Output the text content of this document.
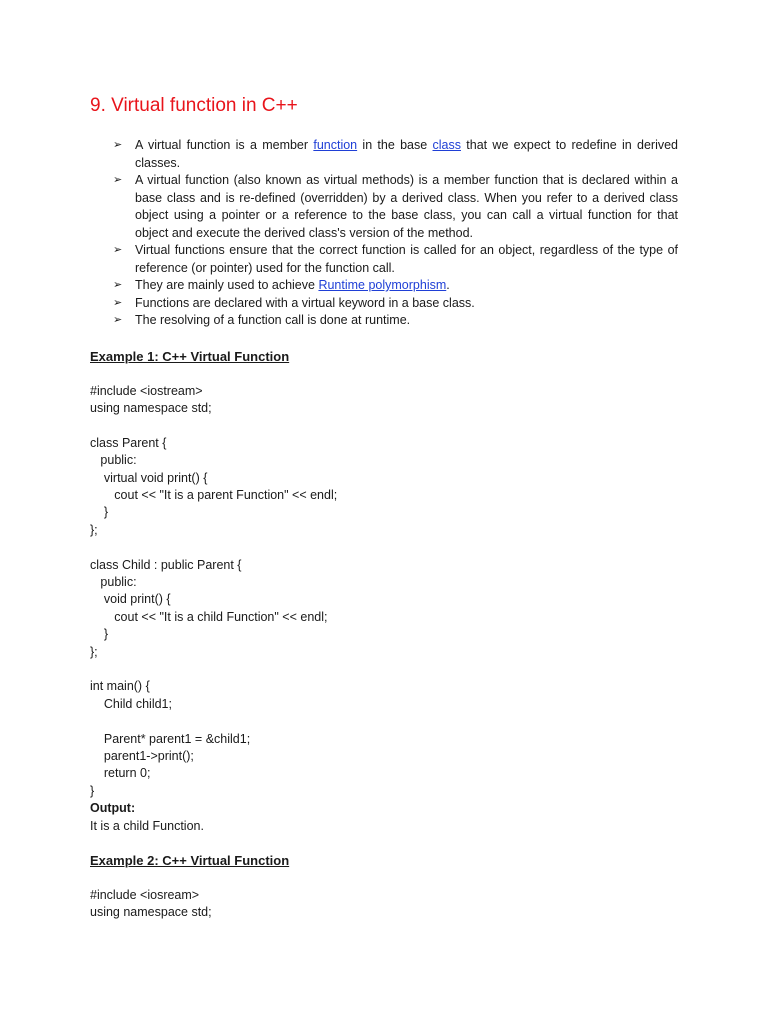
9. Virtual function in C++
➢ A virtual function is a member function in the base class that we expect to redefine in derived classes.
➢ A virtual function (also known as virtual methods) is a member function that is declared within a base class and is re-defined (overridden) by a derived class. When you refer to a derived class object using a pointer or a reference to the base class, you can call a virtual function for that object and execute the derived class's version of the method.
➢ Virtual functions ensure that the correct function is called for an object, regardless of the type of reference (or pointer) used for the function call.
➢ They are mainly used to achieve Runtime polymorphism.
➢ Functions are declared with a virtual keyword in a base class.
➢ The resolving of a function call is done at runtime.
Example 1: C++ Virtual Function
#include <iostream>
using namespace std;

class Parent {
public:
virtual void print() {
cout << "It is a parent Function" << endl;
}
};

class Child : public Parent {
public:
void print() {
cout << "It is a child Function" << endl;
}
};

int main() {
Child child1;

Parent* parent1 = &child1;
parent1->print();
return 0;
}
Output:
It is a child Function.
Example 2: C++ Virtual Function
#include <iosream>
using namespace std;
